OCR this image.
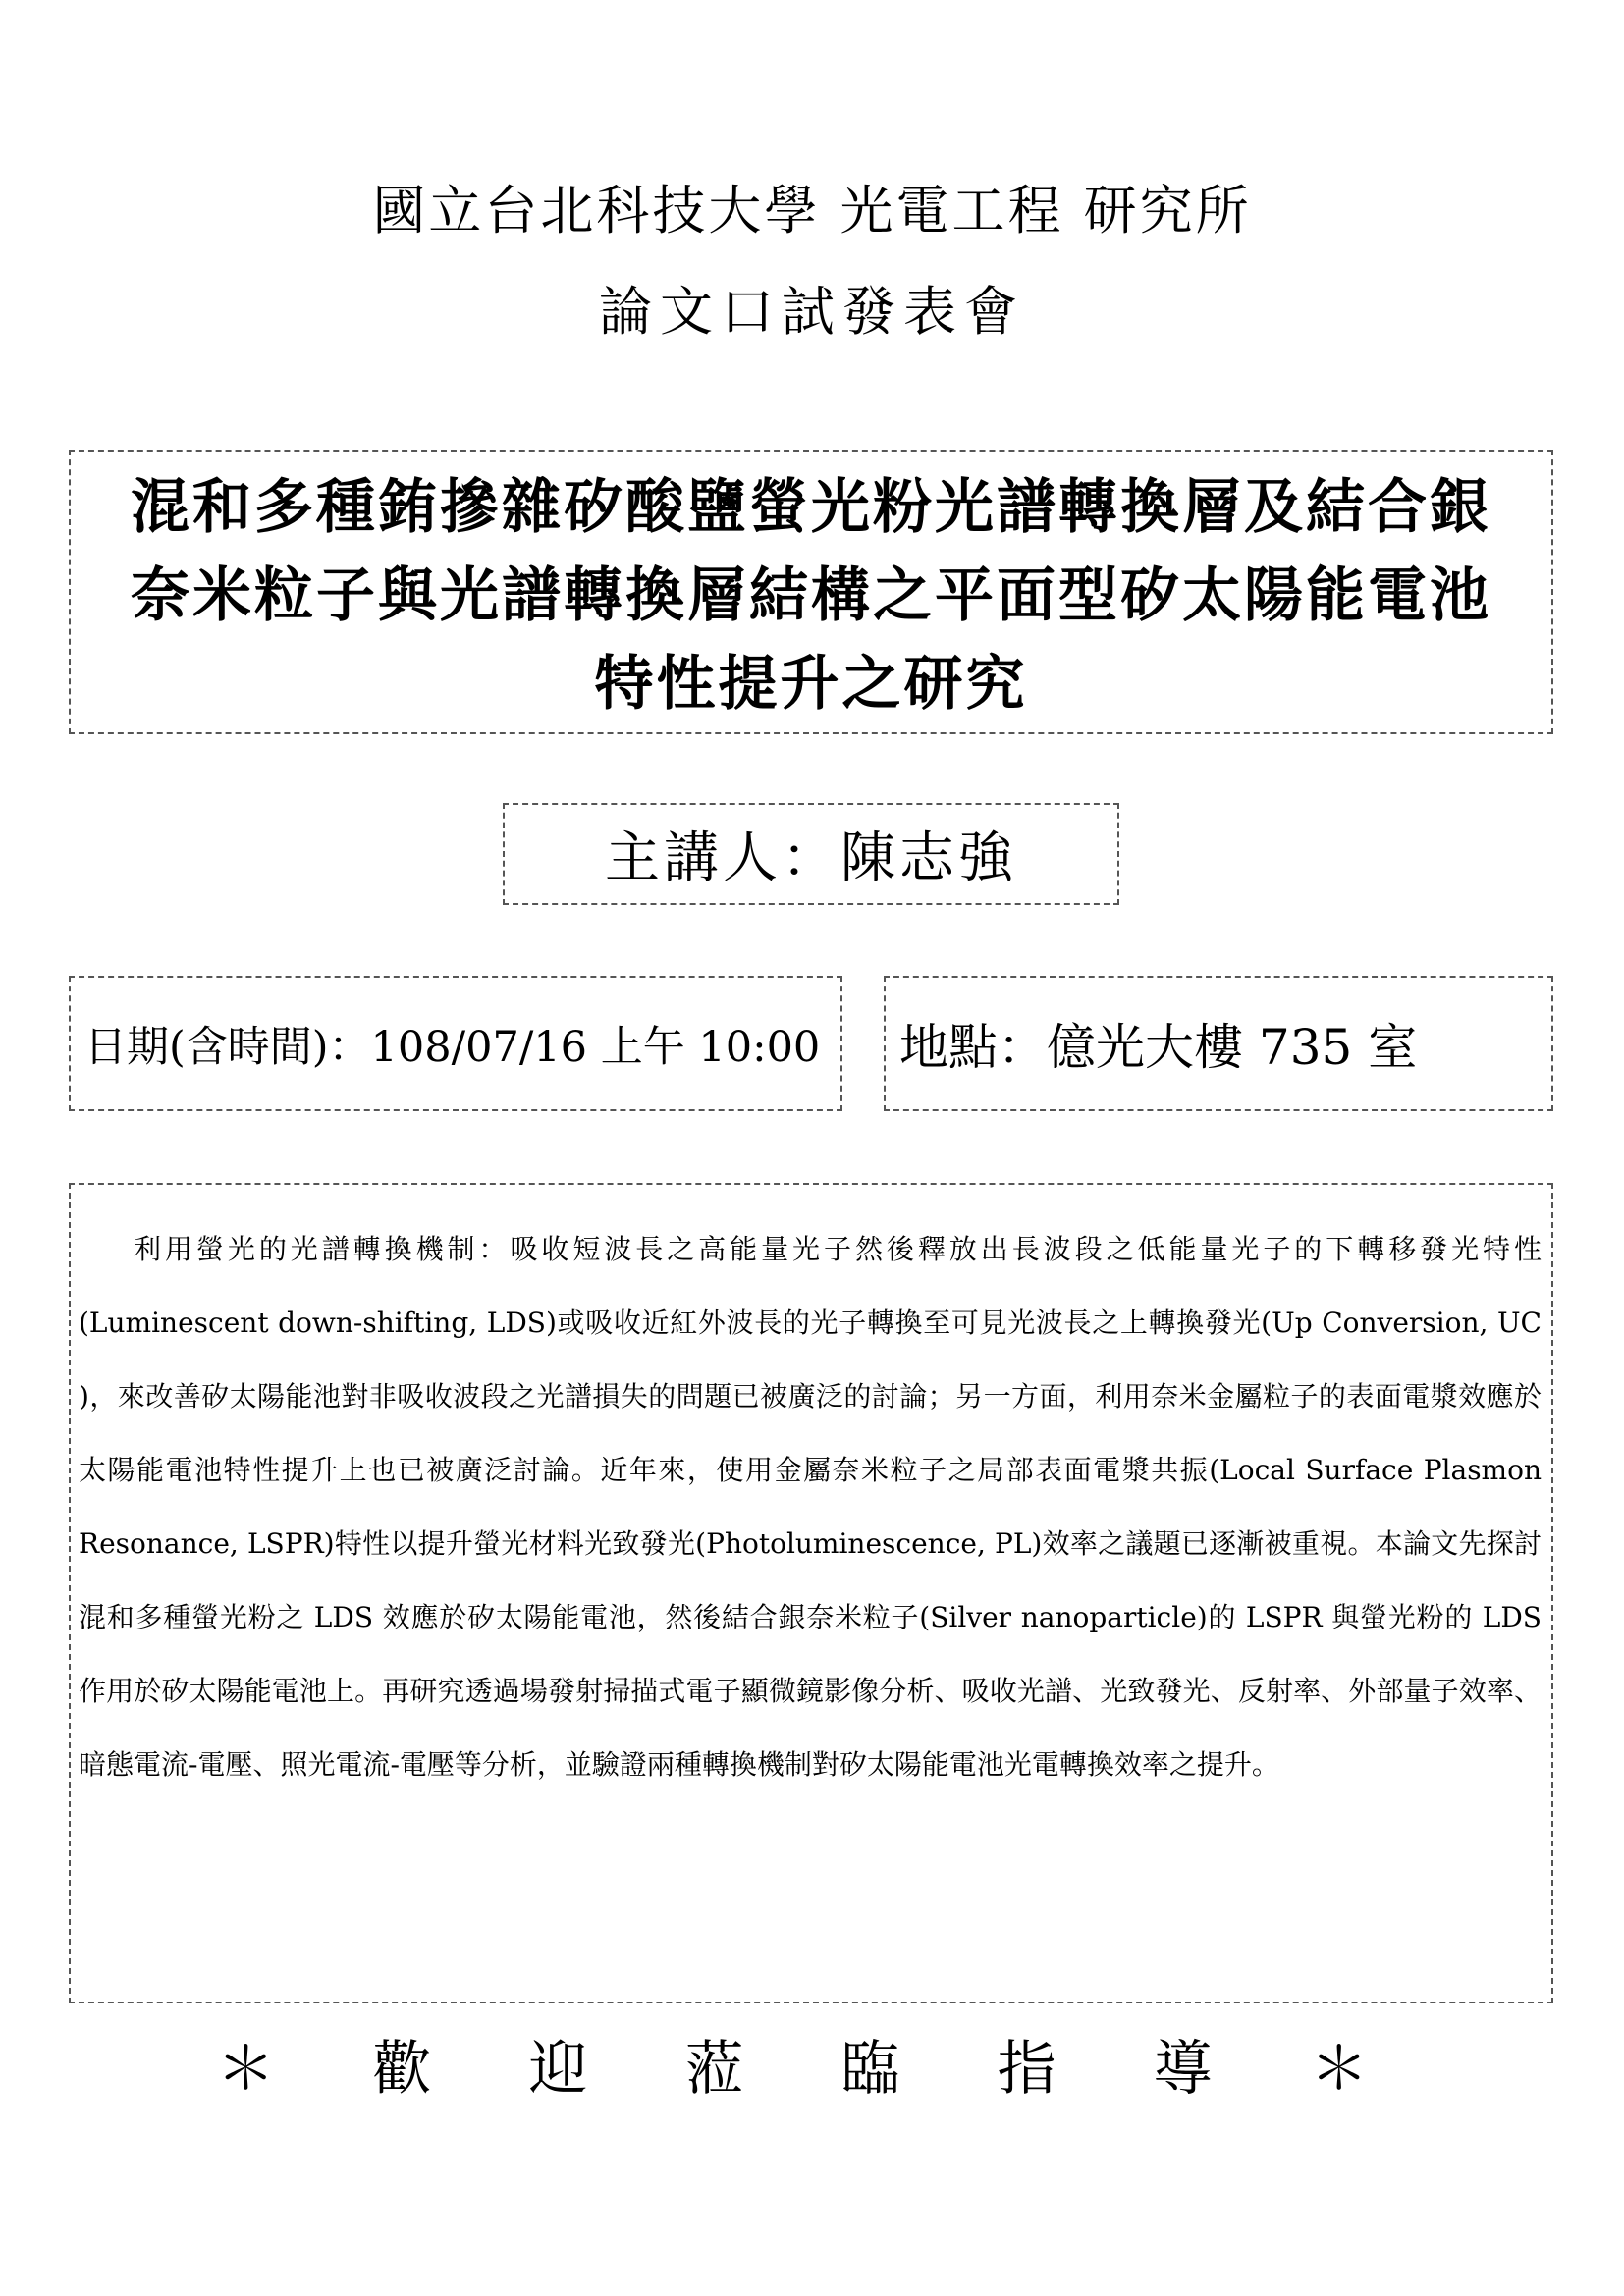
國立台北科技大學 光電工程 研究所
論文口試發表會
混和多種銪摻雜矽酸鹽螢光粉光譜轉換層及結合銀
奈米粒子與光譜轉換層結構之平面型矽太陽能電池
特性提升之研究
主講人：陳志強
日期(含時間)：108/07/16 上午 10:00 地點：億光大樓 735 室

利用螢光的光譜轉換機制：吸收短波長之高能量光子然後釋放出長波段之低能量光子的下轉移發光特性(Luminescent down-shifting, LDS)或吸收近紅外波長的光子轉換至可見光波長之上轉換發光(Up Conversion, UC )，來改善矽太陽能池對非吸收波段之光譜損失的問題已被廣泛的討論；另一方面，利用奈米金屬粒子的表面電漿效應於太陽能電池特性提升上也已被廣泛討論。近年來，使用金屬奈米粒子之局部表面電漿共振(Local Surface Plasmon Resonance, LSPR)特性以提升螢光材料光致發光(Photoluminescence, PL)效率之議題已逐漸被重視。本論文先探討混和多種螢光粉之 LDS 效應於矽太陽能電池，然後結合銀奈米粒子(Silver nanoparticle)的 LSPR 與螢光粉的 LDS 作用於矽太陽能電池上。再研究透過場發射掃描式電子顯微鏡影像分析、吸收光譜、光致發光、反射率、外部量子效率、暗態電流-電壓、照光電流-電壓等分析，並驗證兩種轉換機制對矽太陽能電池光電轉換效率之提升。

＊ 歡 迎 蒞 臨 指 導 ＊
